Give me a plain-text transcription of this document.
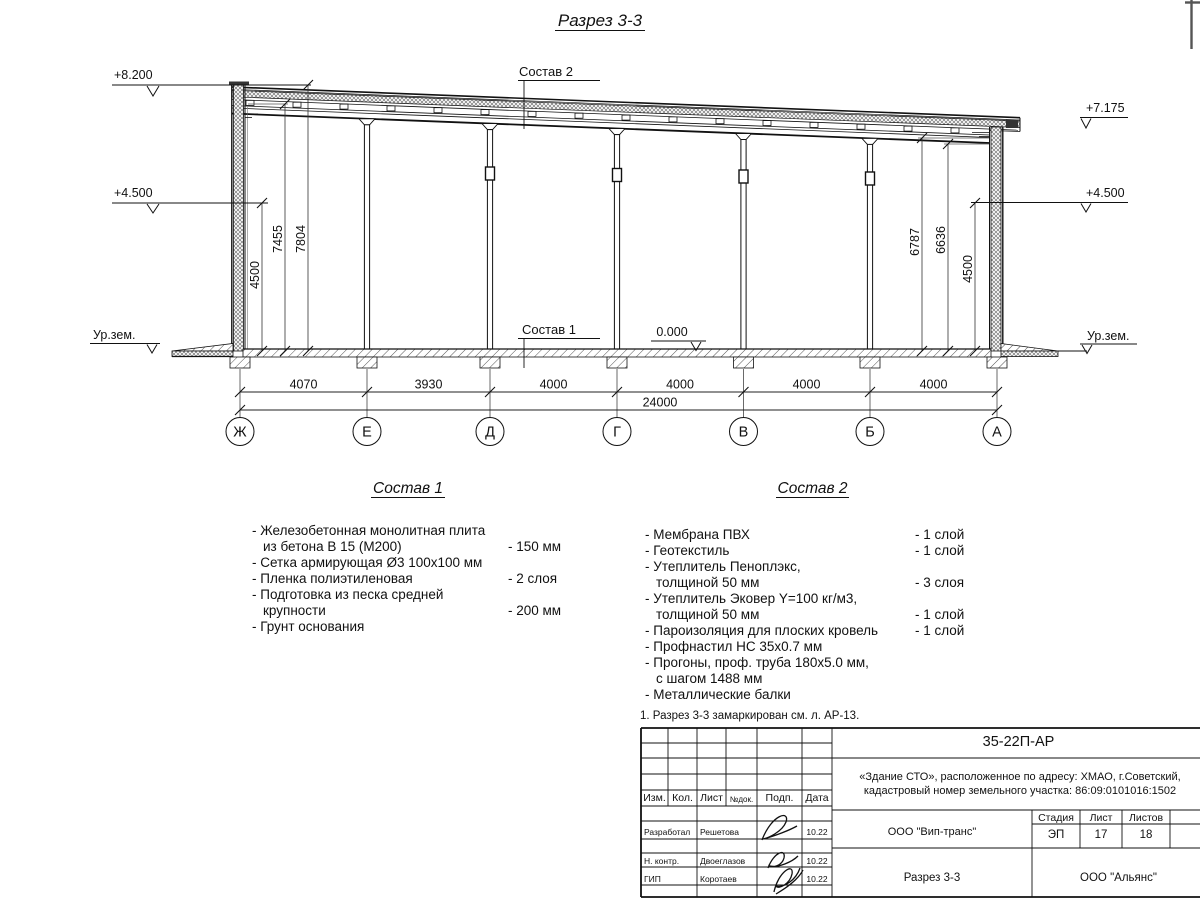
4070	3930	4000	4000	4000	4000
24000
Ж	Е	Д	Г	В	Б	А
4500
7455 7804	6787 6636
4500
+8.200
+4.500
+7.175
+4.500
Ур.зем.	Ур.зем.
0.000
Состав 2
Состав 1
Разрез 3-3
Состав 1
- Железобетонная монолитная плита
из бетона В 15 (М200)	- 150 мм
- Сетка армирующая Ø3 100х100 мм
- Пленка полиэтиленовая	- 2 слоя
- Подготовка из песка средней
крупности	- 200 мм
- Грунт основания
Состав 2
- Мембрана ПВХ	- 1 слой
- Геотекстиль	- 1 слой
- Утеплитель Пеноплэкс,
толщиной 50 мм	- 3 слоя
- Утеплитель Эковер Y=100 кг/м3,
толщиной 50 мм	- 1 слой
- Пароизоляция для плоских кровель	- 1 слой
- Профнастил НС 35х0.7 мм
- Прогоны, проф. труба 180х5.0 мм,
с шагом 1488 мм
- Металлические балки
1. Разрез 3-3 замаркирован см. л. АР-13.
35-22П-АР
«Здание СТО», расположенное по адресу: ХМАО, г.Советский,
кадастровый номер земельного участка: 86:09:0101016:1502
Изм. Кол. Лист №док.	Подп.	Дата
Разработал Решетова	10.22
Н. контр. Двоеглазов	10.22
ГИП	Коротаев	10.22
ООО "Вип-транс"
Стадия	Лист	Листов
ЭП	17	18
Разрез 3-3	ООО "Альянс"
